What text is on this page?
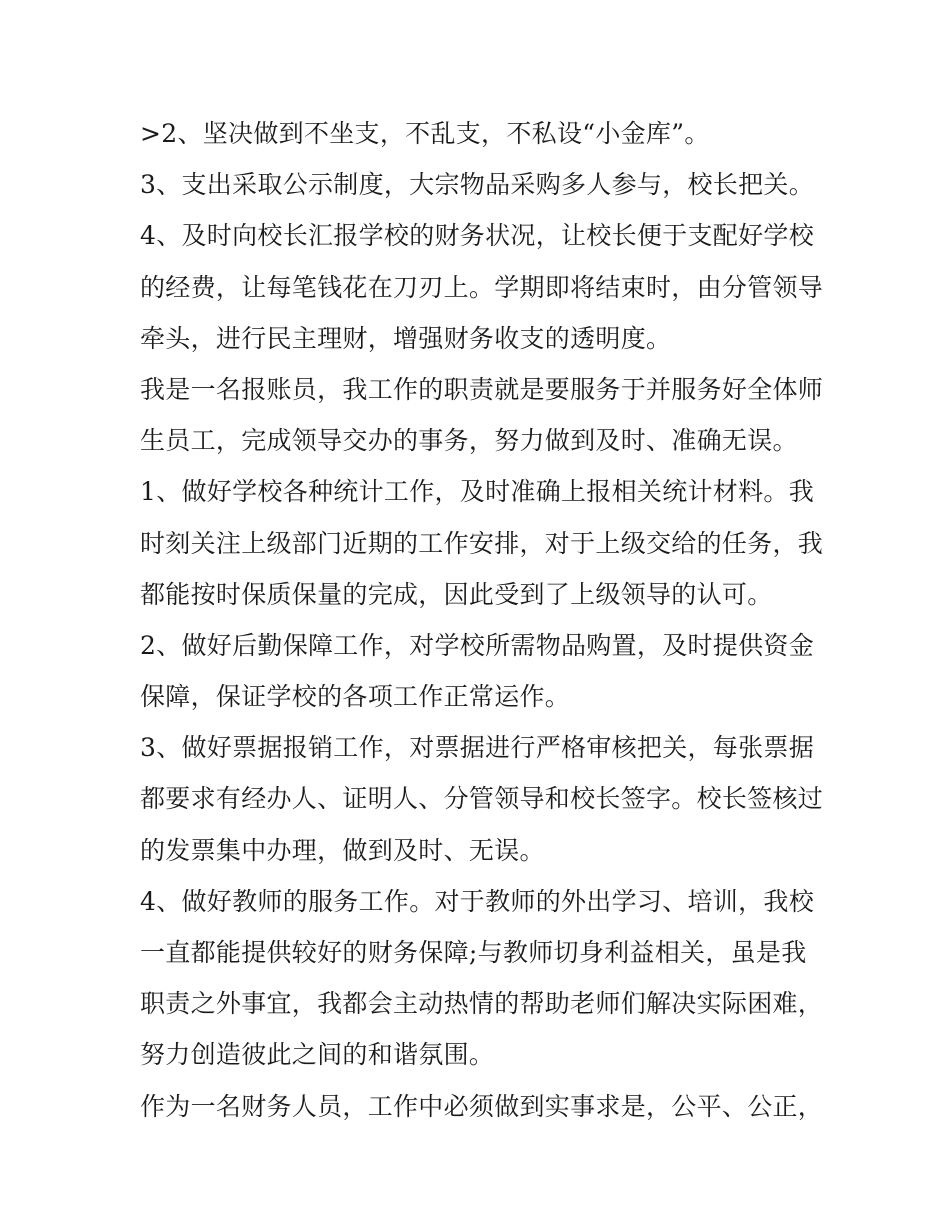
>2、坚决做到不坐支，不乱支，不私设“小金库”。
3、支出采取公示制度，大宗物品采购多人参与，校长把关。
4、及时向校长汇报学校的财务状况，让校长便于支配好学校
的经费，让每笔钱花在刀刃上。学期即将结束时，由分管领导
牵头，进行民主理财，增强财务收支的透明度。
我是一名报账员，我工作的职责就是要服务于并服务好全体师
生员工，完成领导交办的事务，努力做到及时、准确无误。
1、做好学校各种统计工作，及时准确上报相关统计材料。我
时刻关注上级部门近期的工作安排，对于上级交给的任务，我
都能按时保质保量的完成，因此受到了上级领导的认可。
2、做好后勤保障工作，对学校所需物品购置，及时提供资金
保障，保证学校的各项工作正常运作。
3、做好票据报销工作，对票据进行严格审核把关，每张票据
都要求有经办人、证明人、分管领导和校长签字。校长签核过
的发票集中办理，做到及时、无误。
4、做好教师的服务工作。对于教师的外出学习、培训，我校
一直都能提供较好的财务保障;与教师切身利益相关，虽是我
职责之外事宜，我都会主动热情的帮助老师们解决实际困难，
努力创造彼此之间的和谐氛围。
作为一名财务人员，工作中必须做到实事求是，公平、公正，
